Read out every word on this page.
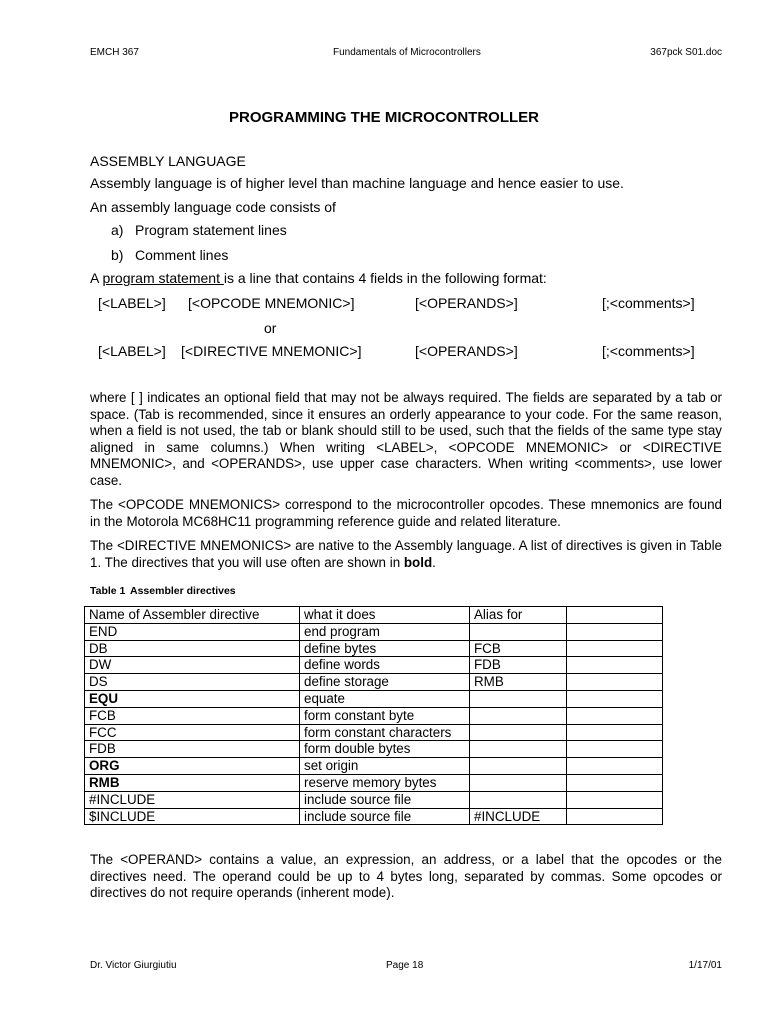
EMCH 367	Fundamentals of Microcontrollers	367pck S01.doc
PROGRAMMING THE MICROCONTROLLER
ASSEMBLY LANGUAGE
Assembly language is of higher level than machine language and hence easier to use.
An assembly language code consists of
a) Program statement lines
b) Comment lines
A program statement is a line that contains 4 fields in the following format:
[<LABEL>] [<OPCODE MNEMONIC>]	[<OPERANDS>]	[;<comments>]
or
[<LABEL>] [<DIRECTIVE MNEMONIC>]	[<OPERANDS>]	[;<comments>]
where [ ] indicates an optional field that may not be always required. The fields are separated by a tab or space. (Tab is recommended, since it ensures an orderly appearance to your code. For the same reason, when a field is not used, the tab or blank should still to be used, such that the fields of the same type stay aligned in same columns.) When writing <LABEL>, <OPCODE MNEMONIC> or <DIRECTIVE MNEMONIC>, and <OPERANDS>, use upper case characters. When writing <comments>, use lower case.
The <OPCODE MNEMONICS> correspond to the microcontroller opcodes. These mnemonics are found in the Motorola MC68HC11 programming reference guide and related literature.
The <DIRECTIVE MNEMONICS> are native to the Assembly language. A list of directives is given in Table 1. The directives that you will use often are shown in bold.
Table 1 Assembler directives
Name of Assembler directive	what it does	Alias for	
END	end program		
DB	define bytes	FCB	
DW	define words	FDB	
DS	define storage	RMB	
EQU	equate		
FCB	form constant byte		
FCC	form constant characters		
FDB	form double bytes		
ORG	set origin		
RMB	reserve memory bytes		
#INCLUDE	include source file		
$INCLUDE	include source file	#INCLUDE	
The <OPERAND> contains a value, an expression, an address, or a label that the opcodes or the directives need. The operand could be up to 4 bytes long, separated by commas. Some opcodes or directives do not require operands (inherent mode).
Dr. Victor Giurgiutiu	Page 18	1/17/01
